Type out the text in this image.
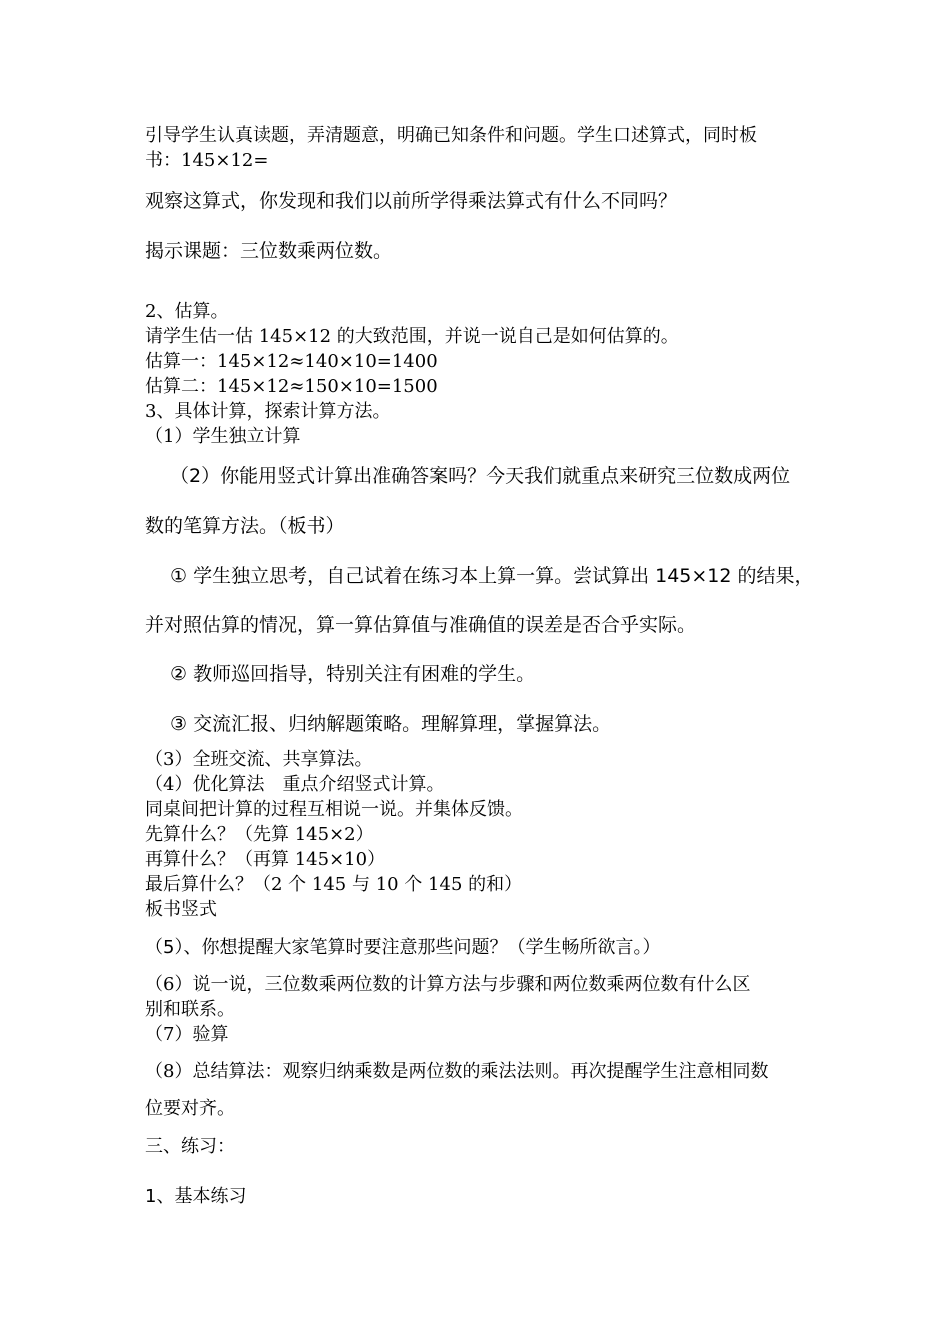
引导学生认真读题，弄清题意，明确已知条件和问题。学生口述算式，同时板
书：145×12=
观察这算式，你发现和我们以前所学得乘法算式有什么不同吗？
揭示课题：三位数乘两位数。
2、估算。
请学生估一估 145×12 的大致范围，并说一说自己是如何估算的。
估算一：145×12≈140×10=1400
估算二：145×12≈150×10=1500
3、具体计算，探索计算方法。
（1）学生独立计算
（2）你能用竖式计算出准确答案吗？今天我们就重点来研究三位数成两位
数的笔算方法。（板书）
① 学生独立思考，自己试着在练习本上算一算。尝试算出 145×12 的结果，
并对照估算的情况，算一算估算值与准确值的误差是否合乎实际。
② 教师巡回指导，特别关注有困难的学生。
③ 交流汇报、归纳解题策略。理解算理，掌握算法。
（3）全班交流、共享算法。
（4）优化算法　重点介绍竖式计算。
同桌间把计算的过程互相说一说。并集体反馈。
先算什么？（先算 145×2）
再算什么？（再算 145×10）
最后算什么？（2 个 145 与 10 个 145 的和）
板书竖式
（5）、你想提醒大家笔算时要注意那些问题？（学生畅所欲言。）
（6）说一说，三位数乘两位数的计算方法与步骤和两位数乘两位数有什么区
别和联系。
（7）验算
（8）总结算法：观察归纳乘数是两位数的乘法法则。再次提醒学生注意相同数
位要对齐。
三、练习：
1、基本练习
